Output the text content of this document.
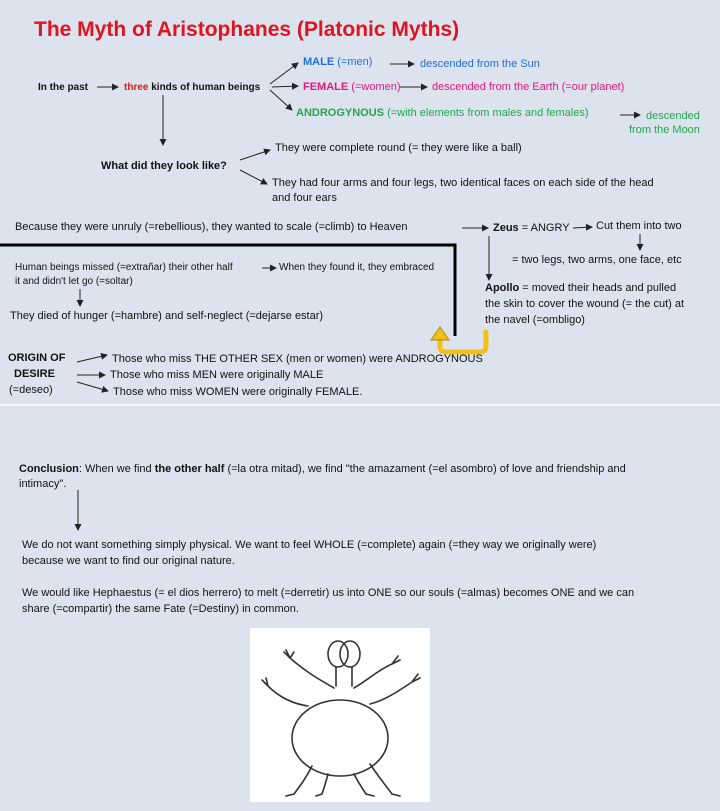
The Myth of Aristophanes (Platonic Myths)
In the past	three kinds of human beings
MALE (=men)	descended from the Sun
FEMALE (=women)	descended from the Earth (=our planet)
ANDROGYNOUS (=with elements from males and females)	descended
from the Moon
What did they look like?
They were complete round (= they were like a ball)
They had four arms and four legs, two identical faces on each side of the head
and four ears
Because they were unruly (=rebellious), they wanted to scale (=climb) to Heaven	Zeus = ANGRY Cut them into two
= two legs, two arms, one face, etc
Apollo = moved their heads and pulled
the skin to cover the wound (= the cut) at
the navel (=ombligo)
Human beings missed (=extrañar) their other half	When they found it, they embraced
it and didn't let go (=soltar)
They died of hunger (=hambre) and self-neglect (=dejarse estar)
ORIGIN OF
DESIRE
(=deseo)
Those who miss THE OTHER SEX (men or women) were ANDROGYNOUS
Those who miss MEN were originally MALE
Those who miss WOMEN were originally FEMALE.
Conclusion: When we find the other half (=la otra mitad), we find "the amazament (=el asombro) of love and friendship and
intimacy".
We do not want something simply physical. We want to feel WHOLE (=complete) again (=they way we originally were)
because we want to find our original nature.
We would like Hephaestus (= el dios herrero) to melt (=derretir) us into ONE so our souls (=almas) becomes ONE and we can
share (=compartir) the same Fate (=Destiny) in common.
